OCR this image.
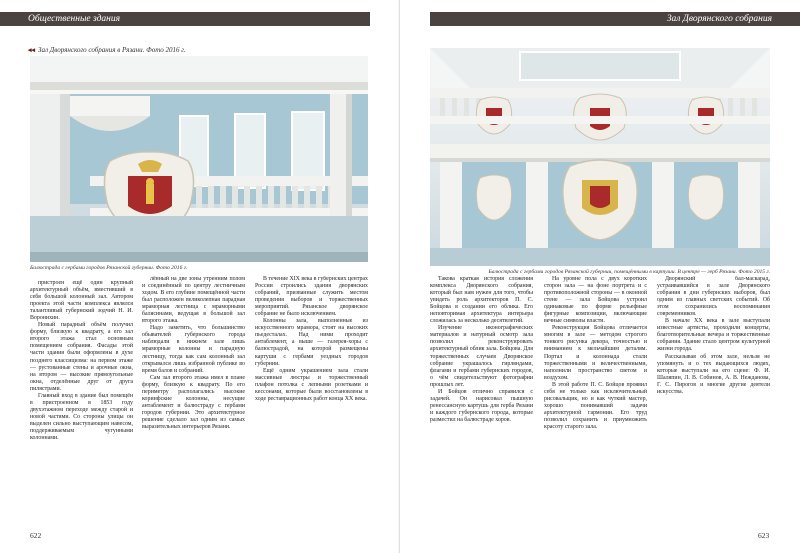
Общественные здания
◂◂ Зал Дворянского собрания в Рязани. Фото 2016 г.
Балюстрада с гербами городов Рязанской губернии. Фото 2016 г.

пристроен ещё один крупный архитектурный объём, вместивший в себя большой колонный зал. Автором проекта этой части комплекса являлся талантливый губернский зодчий Н. И. Воронихин.

Новый парадный объём получил форму, близкую к квадрату, а его зал второго этажа стал основным помещением собрания. Фасады этой части здания были оформлены в духе позднего классицизма: на первом этаже — рустованные стены и арочные окна, на втором — высокие прямоугольные окна, отделённые друг от друга пилястрами.

Главный вход в здание был помещён в пристроенном в 1853 году двухэтажном переходе между старой и новой частями. Со стороны улицы он выделен сильно выступающим навесом, поддерживаемым чугунными колоннами.

лённый на две зоны утренним полом и соединённый по центру лестничным ходом. В его глубине помещённой части был расположен великолепная парадная мраморная лестница с мраморными балясинами, ведущая в большой зал второго этажа.

Надо заметить, что большинство обывателей губернского города наблюдали в нижнем зале лишь мраморные колонны и парадную лестницу, тогда как сам колонный зал открывался лишь избранной публике во время балов и собраний.

Сам зал второго этажа имел в плане форму, близкую к квадрату. По его периметру располагались высокие коринфские колонны, несущие антаблемент и балюстраду с гербами городов губернии. Это архитектурное решение сделало зал одним из самых выразительных интерьеров Рязани.

В течение XIX века в губернских центрах России строились здания дворянских собраний, призванные служить местом проведения выборов и торжественных мероприятий. Рязанское дворянское собрание не было исключением.

Колонны зала, выполненные из искусственного мрамора, стоят на высоких пьедесталах. Над ними проходит антаблемент, а выше — галерея-хоры с балюстрадой, на которой размещены картуши с гербами уездных городов губернии.

Ещё одним украшением зала стали массивные люстры и торжественный плафон потолка с лепными розетками и кессонами, которые были восстановлены в ходе реставрационных работ конца XX века.

622
Зал Дворянского собрания
Балюстрада с гербами городов Рязанской губернии, помещёнными в картуши. В центре — герб Рязани. Фото 2015 г.

Такова краткая история сложения комплекса Дворянского собрания, который был нам нужен для того, чтобы увидеть роль архитекторов П. С. Бойцова в создании его облика. Его неповторимая архитектура интерьера сложилась за несколько десятилетий.

Изучение иконографических материалов и натурный осмотр зала позволил реконструировать архитектурный облик зала. Бойцова. Для торжественных случаев Дворянское собрание украшалось гирляндами, флагами и гербами губернских городов, о чём свидетельствуют фотографии прошлых лет.

И Бойцов отлично справился с задачей. Он нарисовал пышную ренессансную картушь для герба Рязани и каждого губернского города, которые разместил на балюстраде хоров.

На уровне пола с двух коротких сторон зала — на фоне портрета и с противоположной стороны — в оконной стене — зала Бойцова устроил одинаковые по форме рельефные фигурные композиции, включающие вечные символы власти.

Реконструкция Бойцова отличается многим в зале — методом строгого тонкого рисунка декора, точностью и вниманием к мельчайшим деталям. Портал и колоннада стали торжественными и величественными, наполнили пространство светом и воздухом.

В этой работе П. С. Бойцов проявил себя не только как исключительный рисовальщик, но и как чуткий мастер, хорошо понимавший задачи архитектурной гармонии. Его труд позволил сохранить и приумножить красоту старого зала.

Дворянский бал-маскарад, устраивавшийся в зале Дворянского собрания в дни губернских выборов, был одним из главных светских событий. Об этом сохранились воспоминания современников.

В начале XX века в зале выступали известные артисты, проходили концерты, благотворительные вечера и торжественные собрания. Здание стало центром культурной жизни города.

Рассказывая об этом зале, нельзя не упомянуть и о тех выдающихся людях, которые выступали на его сцене: Ф. И. Шаляпин, Л. В. Собинов, А. В. Нежданова, Г. С. Пирогов и многие другие деятели искусства.

623
